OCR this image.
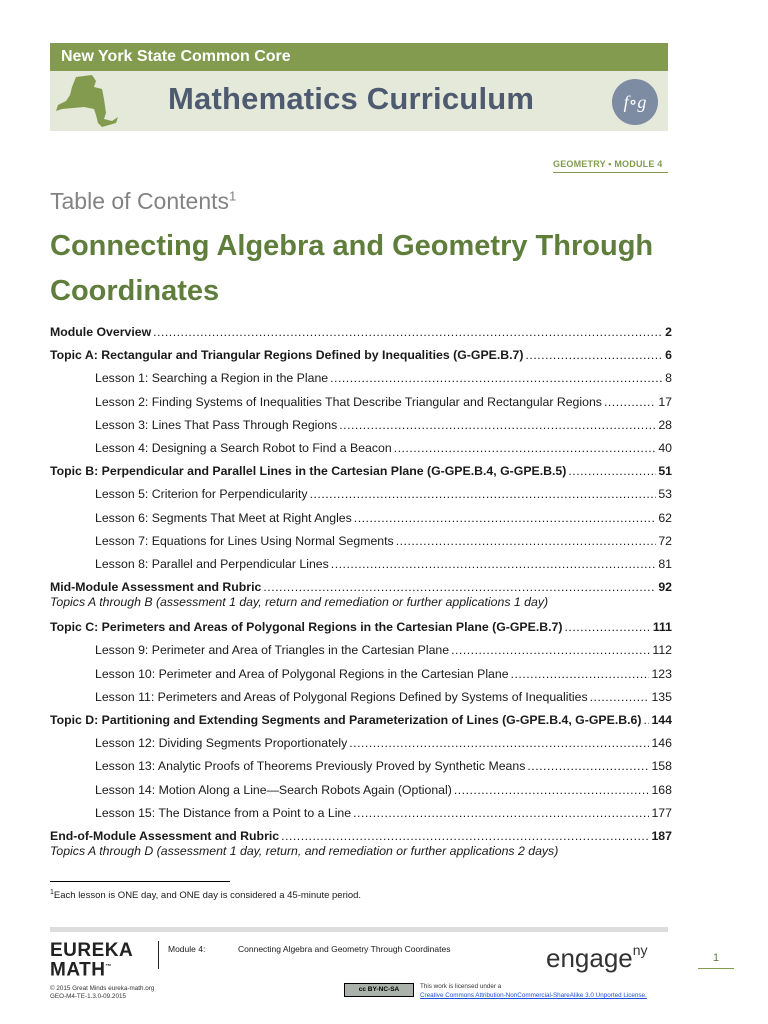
New York State Common Core
Mathematics Curriculum	f∘g
GEOMETRY • MODULE 4
Table of Contents$^1$
Connecting Algebra and Geometry Through Coordinates
Module Overview .....	2
Topic A: Rectangular and Triangular Regions Defined by Inequalities (G-GPE.B.7) .....	6
Lesson 1: Searching a Region in the Plane .....	8
Lesson 2: Finding Systems of Inequalities That Describe Triangular and Rectangular Regions .....	17
Lesson 3: Lines That Pass Through Regions .....	28
Lesson 4: Designing a Search Robot to Find a Beacon .....	40
Topic B: Perpendicular and Parallel Lines in the Cartesian Plane (G-GPE.B.4, G-GPE.B.5) .....	51
Lesson 5: Criterion for Perpendicularity .....	53
Lesson 6: Segments That Meet at Right Angles .....	62
Lesson 7: Equations for Lines Using Normal Segments .....	72
Lesson 8: Parallel and Perpendicular Lines .....	81
Mid-Module Assessment and Rubric .....	92
Topics A through B (assessment 1 day, return and remediation or further applications 1 day)
Topic C: Perimeters and Areas of Polygonal Regions in the Cartesian Plane (G-GPE.B.7) .....	111
Lesson 9: Perimeter and Area of Triangles in the Cartesian Plane .....	112
Lesson 10: Perimeter and Area of Polygonal Regions in the Cartesian Plane .....	123
Lesson 11: Perimeters and Areas of Polygonal Regions Defined by Systems of Inequalities .....	135
Topic D: Partitioning and Extending Segments and Parameterization of Lines (G-GPE.B.4, G-GPE.B.6) ..... 144
Lesson 12: Dividing Segments Proportionately .....	146
Lesson 13: Analytic Proofs of Theorems Previously Proved by Synthetic Means .....	158
Lesson 14: Motion Along a Line—Search Robots Again (Optional) .....	168
Lesson 15: The Distance from a Point to a Line .....	177
End-of-Module Assessment and Rubric .....	187
Topics A through D (assessment 1 day, return, and remediation or further applications 2 days)
$^1$Each lesson is ONE day, and ONE day is considered a 45-minute period.
EUREKA
MATH™
Module 4:	Connecting Algebra and Geometry Through Coordinates	engage$^{ny}$	1
© 2015 Great Minds eureka-math.org
GEO-M4-TE-1.3.0-09.2015
cc BY-NC-SA	This work is licensed under a
Creative Commons Attribution-NonCommercial-ShareAlike 3.0 Unported License.
